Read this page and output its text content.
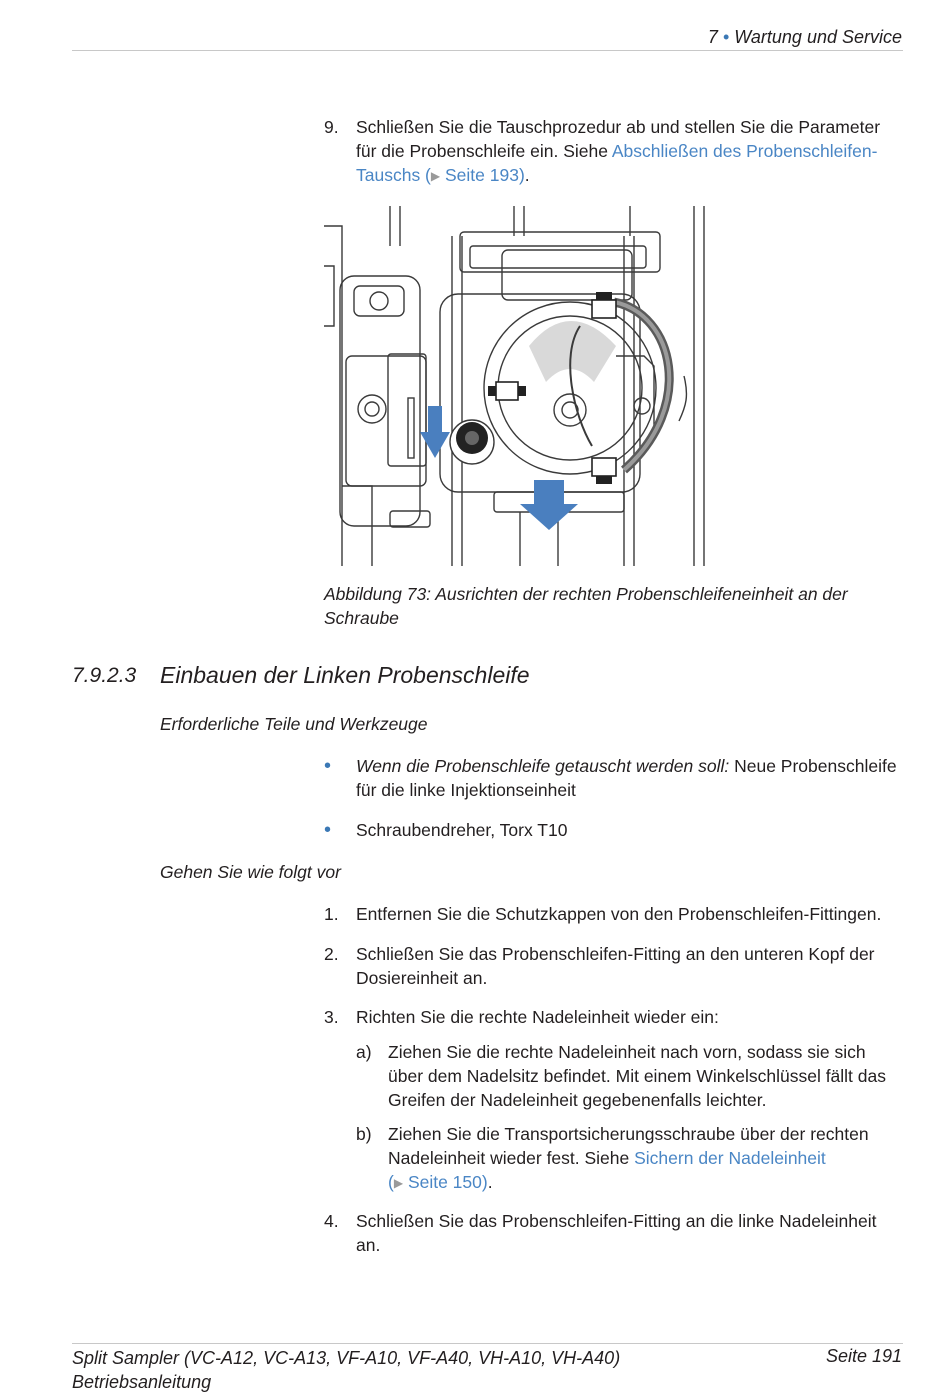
7 • Wartung und Service
9. Schließen Sie die Tauschprozedur ab und stellen Sie die Parameter
für die Probenschleife ein. Siehe Abschließen des Probenschleifen-
Tauschs (▶ Seite 193).
Abbildung 73: Ausrichten der rechten Probenschleifeneinheit an der Schraube
7.9.2.3 Einbauen der Linken Probenschleife
Erforderliche Teile und Werkzeuge
• Wenn die Probenschleife getauscht werden soll: Neue Probenschleife
für die linke Injektionseinheit
• Schraubendreher, Torx T10
Gehen Sie wie folgt vor
1. Entfernen Sie die Schutzkappen von den Probenschleifen-Fittingen.
2. Schließen Sie das Probenschleifen-Fitting an den unteren Kopf der
Dosiereinheit an.
3. Richten Sie die rechte Nadeleinheit wieder ein:
a) Ziehen Sie die rechte Nadeleinheit nach vorn, sodass sie sich
über dem Nadelsitz befindet. Mit einem Winkelschlüssel fällt das
Greifen der Nadeleinheit gegebenenfalls leichter.
b) Ziehen Sie die Transportsicherungsschraube über der rechten
Nadeleinheit wieder fest. Siehe Sichern der Nadeleinheit
(▶ Seite 150).
4. Schließen Sie das Probenschleifen-Fitting an die linke Nadeleinheit
an.
Split Sampler (VC-A12, VC-A13, VF-A10, VF-A40, VH-A10, VH-A40)
Betriebsanleitung
Seite 191
